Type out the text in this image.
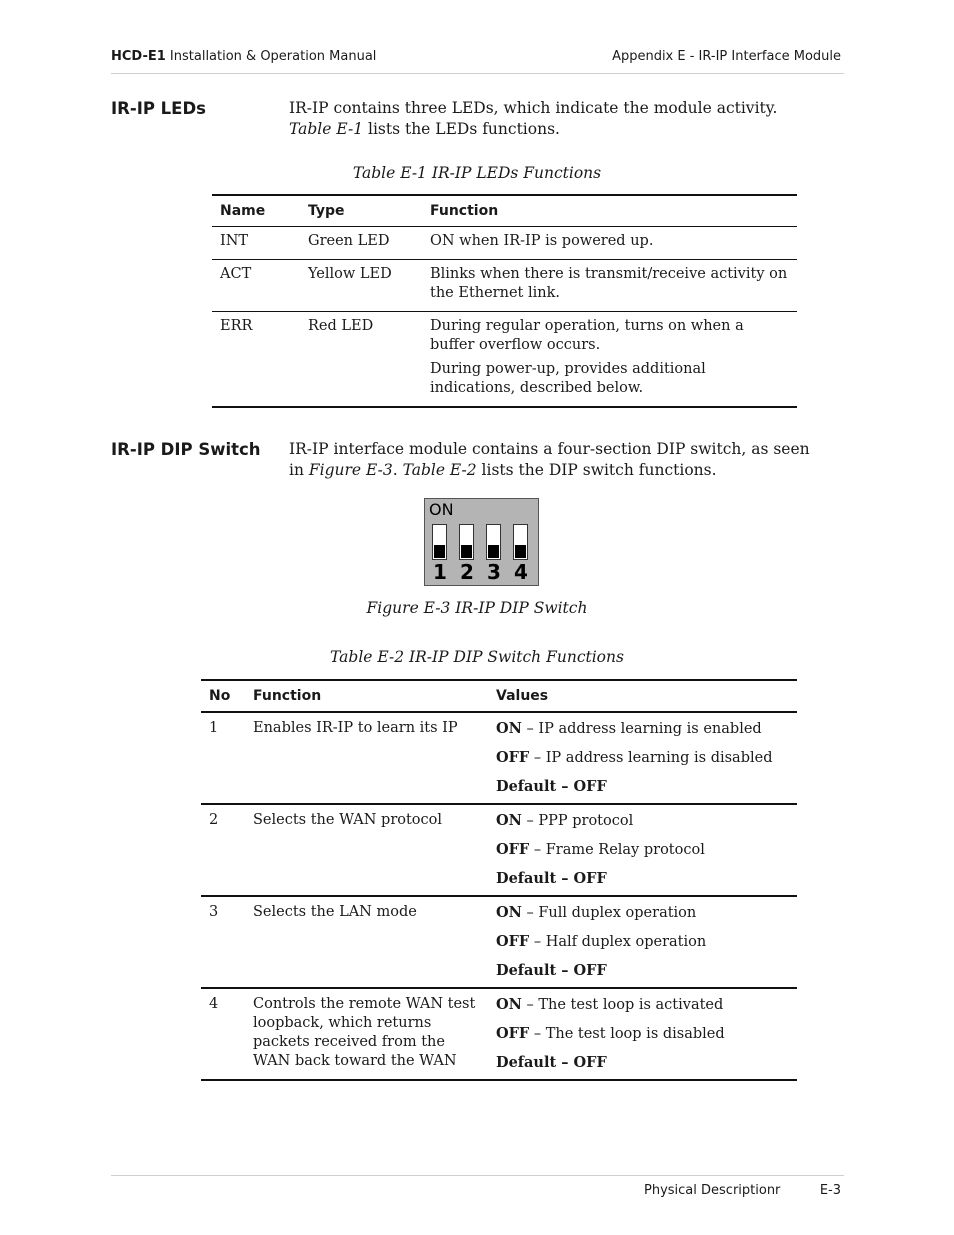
HCD-E1 Installation & Operation Manual	Appendix E - IR-IP Interface Module
IR-IP LEDs	IR-IP contains three LEDs, which indicate the module activity. Table E-1 lists the LEDs functions.
Table E-1 IR-IP LEDs Functions
Name	Type	Function
INT	Green LED	ON when IR-IP is powered up.

ACT	Yellow LED	Blinks when there is transmit/receive activity on the Ethernet link.

ERR	Red LED	During regular operation, turns on when a buffer overflow occurs.
During power-up, provides additional indications, described below.
IR-IP DIP Switch IR-IP interface module contains a four-section DIP switch, as seen in Figure E-3. Table E-2 lists the DIP switch functions.
ON
1 2 3 4
Figure E-3 IR-IP DIP Switch
Table E-2 IR-IP DIP Switch Functions
No	Function	Values
1	Enables IR-IP to learn its IP	ON – IP address learning is enabled
OFF – IP address learning is disabled
Default – OFF

2	Selects the WAN protocol	ON – PPP protocol
OFF – Frame Relay protocol
Default – OFF

3	Selects the LAN mode	ON – Full duplex operation
OFF – Half duplex operation
Default – OFF

4	Controls the remote WAN test loopback, which returns packets received from the WAN back toward the WAN	ON – The test loop is activated
OFF – The test loop is disabled
Default – OFF
Physical Descriptionr	E-3
